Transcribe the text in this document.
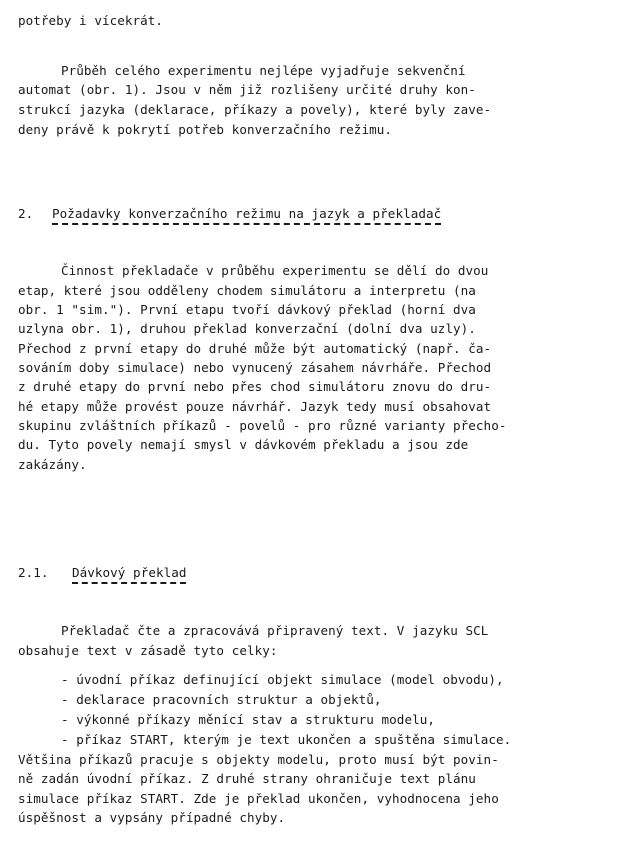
potřeby i vícekrát.
Průběh celého experimentu nejlépe vyjadřuje sekvenční
automat (obr. 1). Jsou v něm již rozlišeny určité druhy kon-
strukcí jazyka (deklarace, příkazy a povely), které byly zave-
deny právě k pokrytí potřeb konverzačního režimu.
2. Požadavky konverzačního režimu na jazyk a překladač
Činnost překladače v průběhu experimentu se dělí do dvou
etap, které jsou odděleny chodem simulátoru a interpretu (na
obr. 1 "sim."). První etapu tvoří dávkový překlad (horní dva
uzlyna obr. 1), druhou překlad konverzační (dolní dva uzly).
Přechod z první etapy do druhé může být automatický (např. ča-
sováním doby simulace) nebo vynucený zásahem návrháře. Přechod
z druhé etapy do první nebo přes chod simulátoru znovu do dru-
hé etapy může provést pouze návrhář. Jazyk tedy musí obsahovat
skupinu zvláštních příkazů - povelů - pro různé varianty přecho-
du. Tyto povely nemají smysl v dávkovém překladu a jsou zde
zakázány.
2.1. Dávkový překlad
Překladač čte a zpracovává připravený text. V jazyku SCL
obsahuje text v zásadě tyto celky:
- úvodní příkaz definující objekt simulace (model obvodu),
- deklarace pracovních struktur a objektů,
- výkonné příkazy měnící stav a strukturu modelu,
- příkaz START, kterým je text ukončen a spuštěna simulace.
Většina příkazů pracuje s objekty modelu, proto musí být povin-
ně zadán úvodní příkaz. Z druhé strany ohraničuje text plánu
simulace příkaz START. Zde je překlad ukončen, vyhodnocena jeho
úspěšnost a vypsány případné chyby.
